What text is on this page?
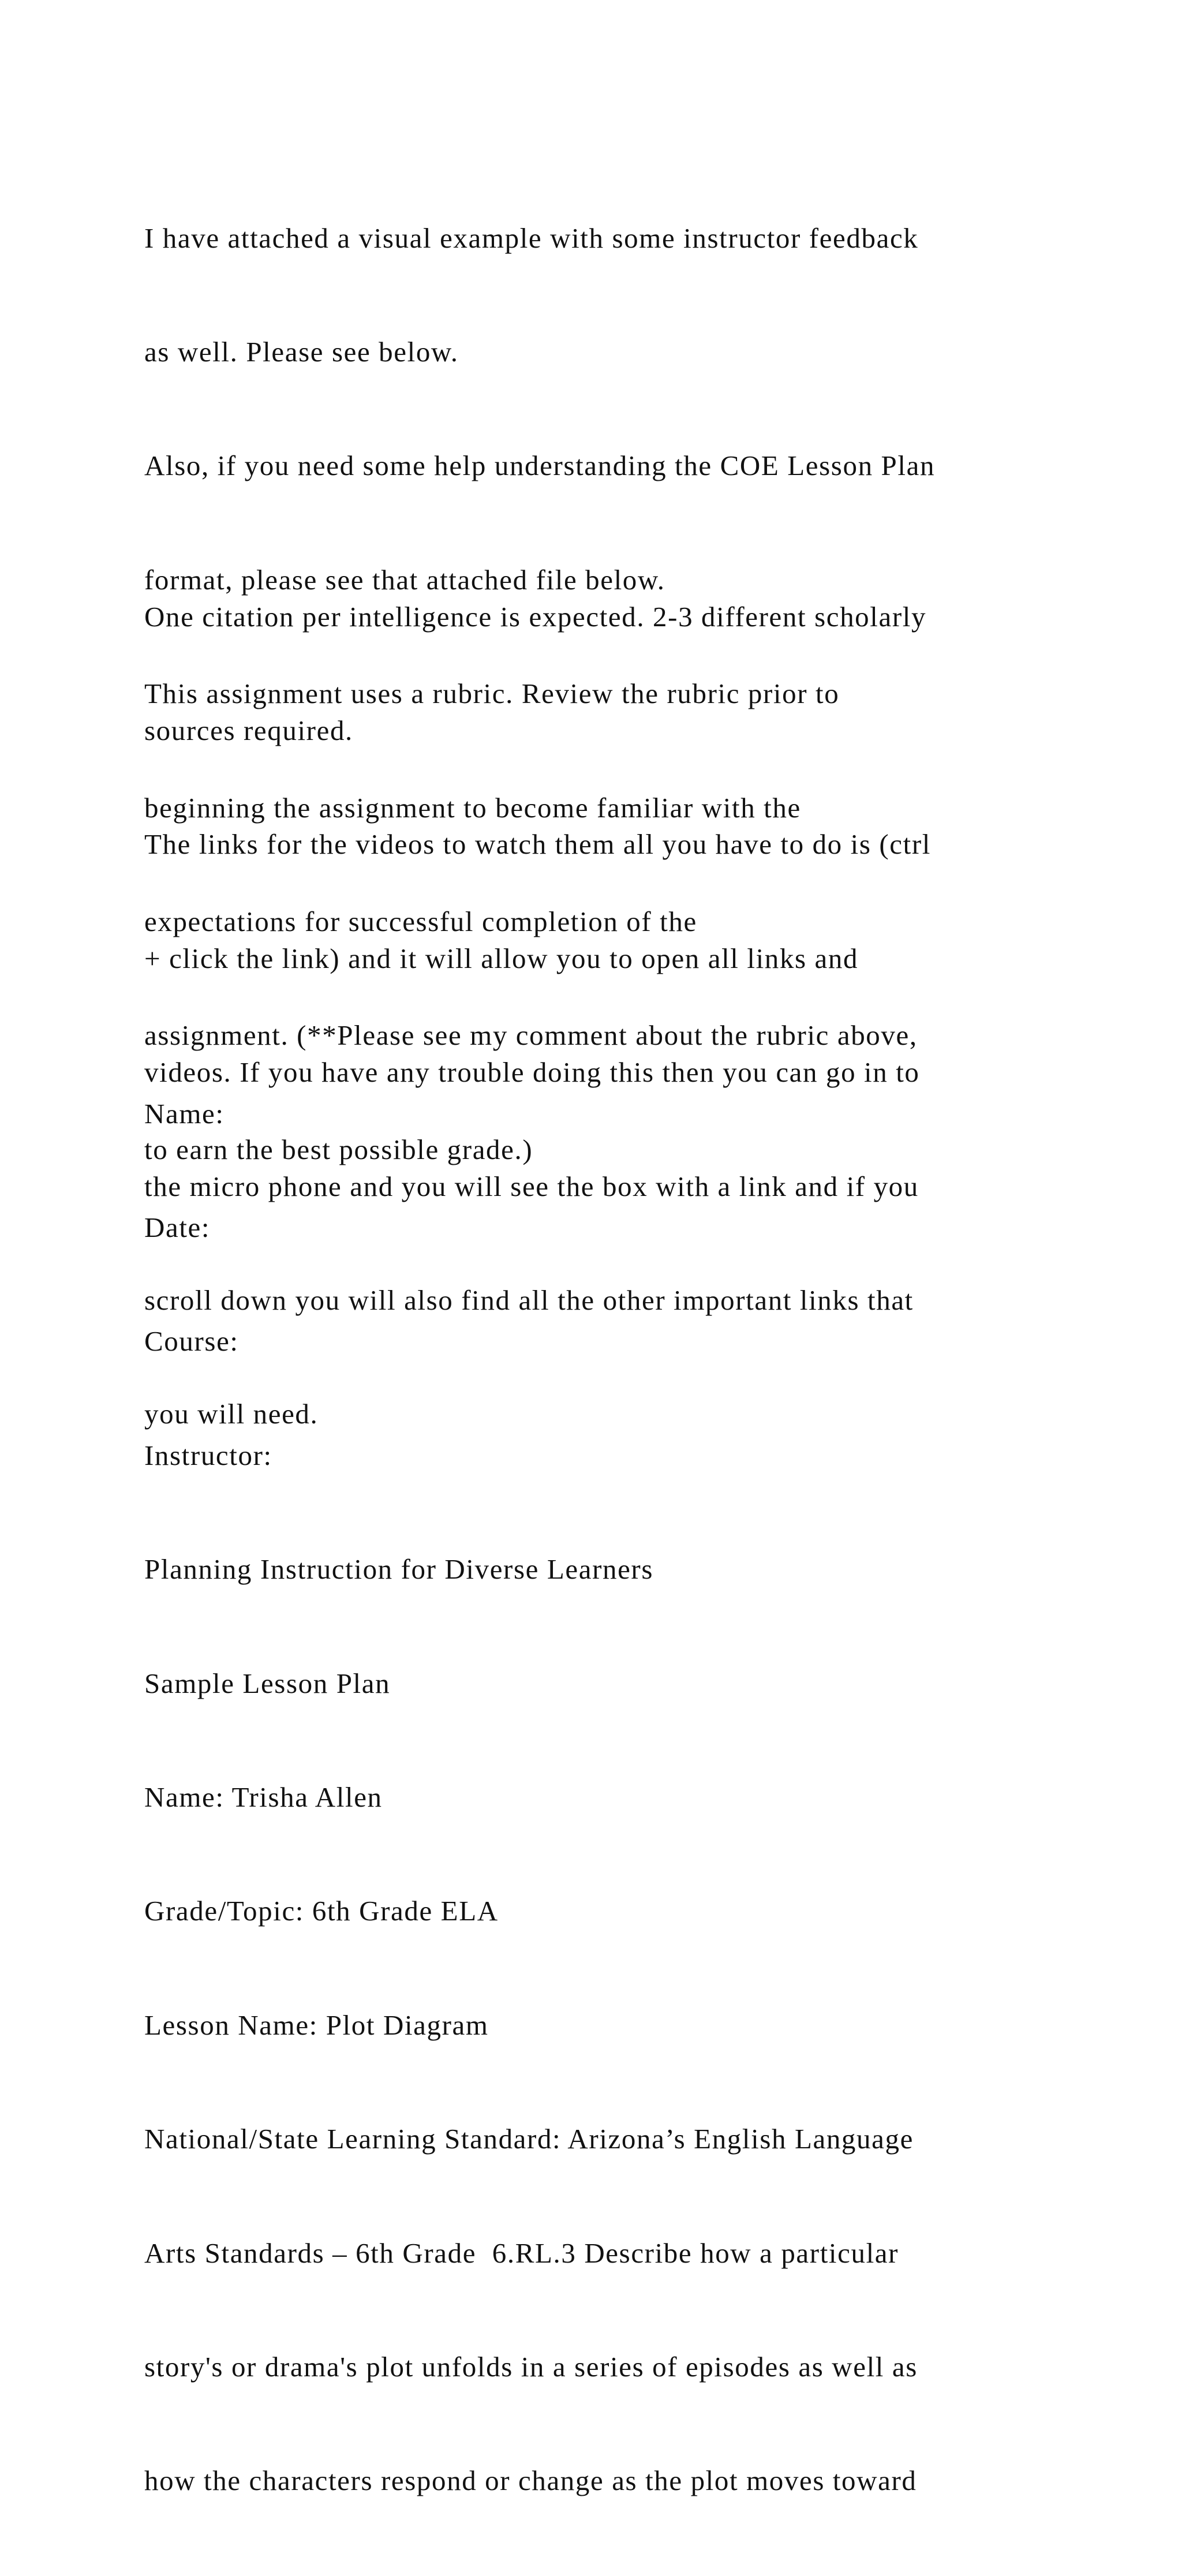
I have attached a visual example with some instructor feedback

as well. Please see below.

Also, if you need some help understanding the COE Lesson Plan

format, please see that attached file below.

This assignment uses a rubric. Review the rubric prior to

beginning the assignment to become familiar with the

expectations for successful completion of the

assignment. (**Please see my comment about the rubric above,

to earn the best possible grade.)

One citation per intelligence is expected. 2-3 different scholarly

sources required.

The links for the videos to watch them all you have to do is (ctrl

+ click the link) and it will allow you to open all links and

videos. If you have any trouble doing this then you can go in to

the micro phone and you will see the box with a link and if you

scroll down you will also find all the other important links that

you will need.

Name:

Date:

Course:

Instructor:

Planning Instruction for Diverse Learners

Sample Lesson Plan

Name: Trisha Allen

Grade/Topic: 6th Grade ELA

Lesson Name: Plot Diagram

National/State Learning Standard: Arizona’s English Language

Arts Standards – 6th Grade  6.RL.3 Describe how a particular

story's or drama's plot unfolds in a series of episodes as well as

how the characters respond or change as the plot moves toward
